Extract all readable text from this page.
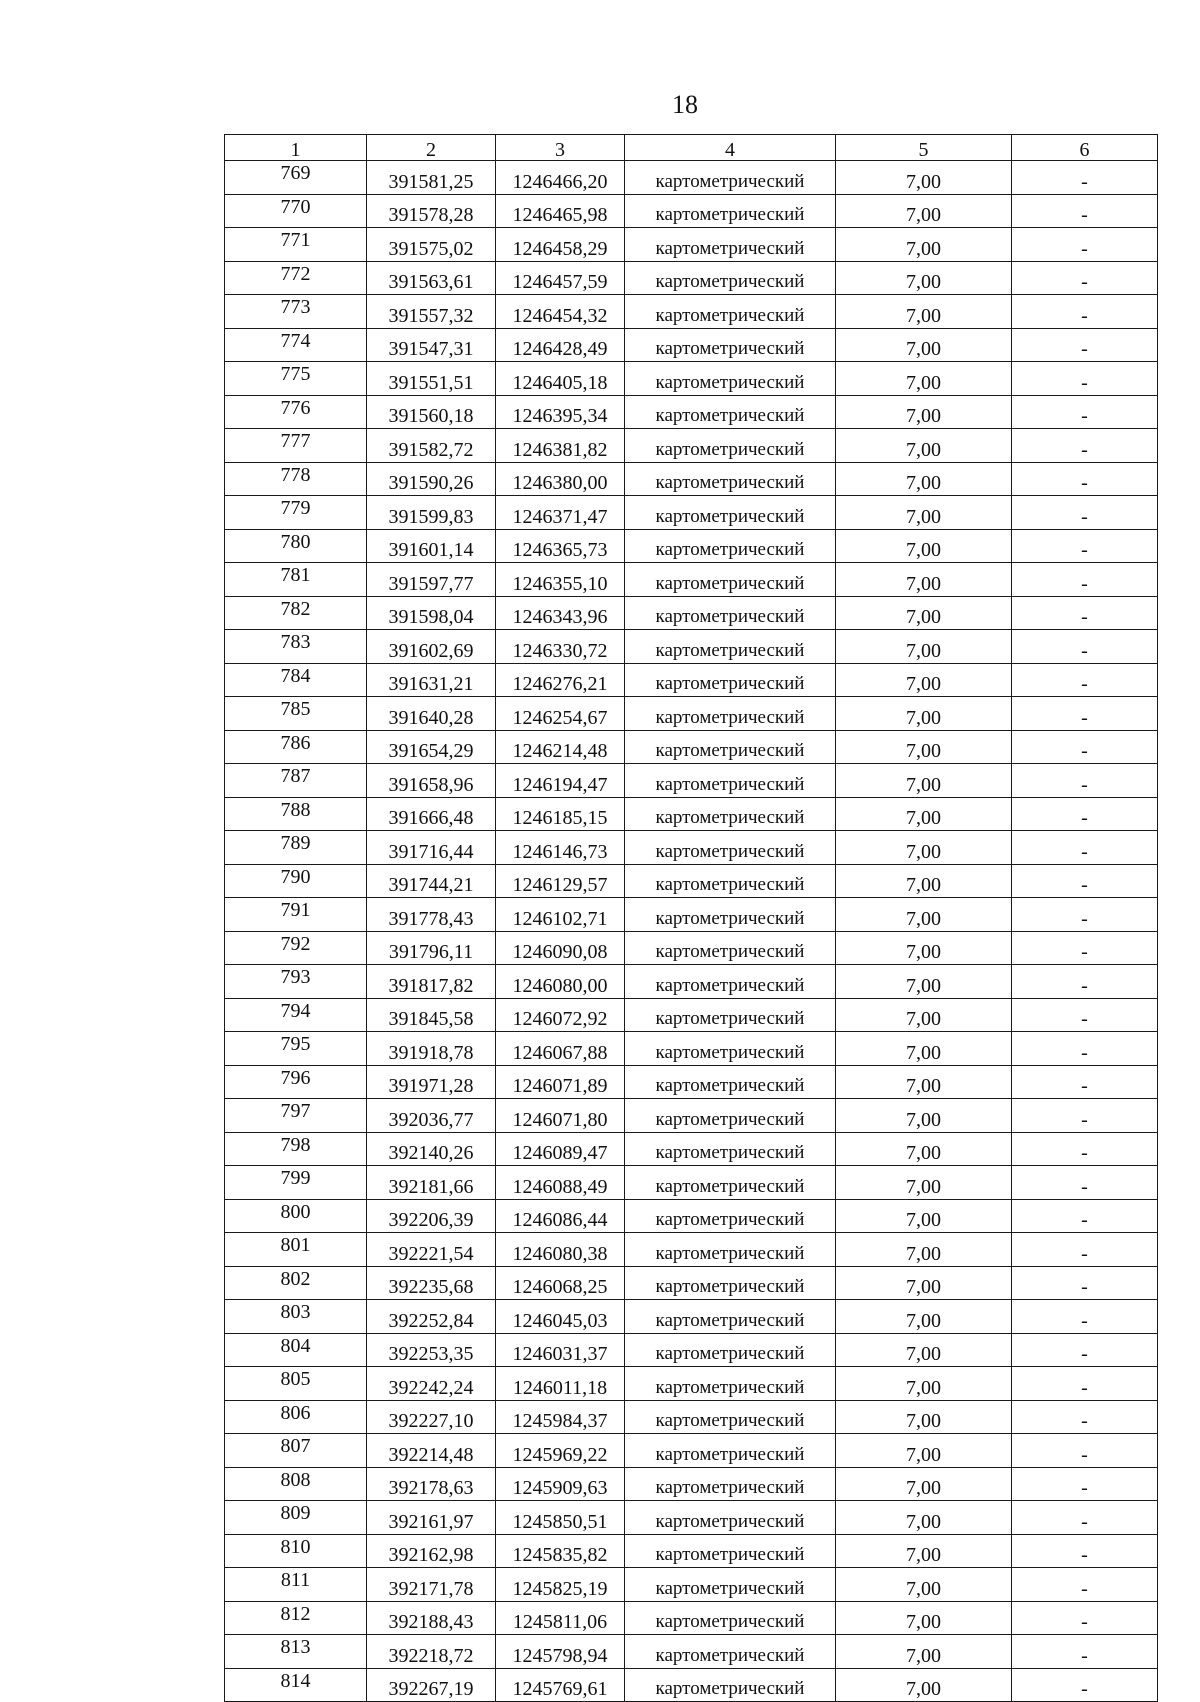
18
1	2	3	4	5	6
769	391581,25	1246466,20	картометрический	7,00	-
770	391578,28	1246465,98	картометрический	7,00	-
771	391575,02	1246458,29	картометрический	7,00	-
772	391563,61	1246457,59	картометрический	7,00	-
773	391557,32	1246454,32	картометрический	7,00	-
774	391547,31	1246428,49	картометрический	7,00	-
775	391551,51	1246405,18	картометрический	7,00	-
776	391560,18	1246395,34	картометрический	7,00	-
777	391582,72	1246381,82	картометрический	7,00	-
778	391590,26	1246380,00	картометрический	7,00	-
779	391599,83	1246371,47	картометрический	7,00	-
780	391601,14	1246365,73	картометрический	7,00	-
781	391597,77	1246355,10	картометрический	7,00	-
782	391598,04	1246343,96	картометрический	7,00	-
783	391602,69	1246330,72	картометрический	7,00	-
784	391631,21	1246276,21	картометрический	7,00	-
785	391640,28	1246254,67	картометрический	7,00	-
786	391654,29	1246214,48	картометрический	7,00	-
787	391658,96	1246194,47	картометрический	7,00	-
788	391666,48	1246185,15	картометрический	7,00	-
789	391716,44	1246146,73	картометрический	7,00	-
790	391744,21	1246129,57	картометрический	7,00	-
791	391778,43	1246102,71	картометрический	7,00	-
792	391796,11	1246090,08	картометрический	7,00	-
793	391817,82	1246080,00	картометрический	7,00	-
794	391845,58	1246072,92	картометрический	7,00	-
795	391918,78	1246067,88	картометрический	7,00	-
796	391971,28	1246071,89	картометрический	7,00	-
797	392036,77	1246071,80	картометрический	7,00	-
798	392140,26	1246089,47	картометрический	7,00	-
799	392181,66	1246088,49	картометрический	7,00	-
800	392206,39	1246086,44	картометрический	7,00	-
801	392221,54	1246080,38	картометрический	7,00	-
802	392235,68	1246068,25	картометрический	7,00	-
803	392252,84	1246045,03	картометрический	7,00	-
804	392253,35	1246031,37	картометрический	7,00	-
805	392242,24	1246011,18	картометрический	7,00	-
806	392227,10	1245984,37	картометрический	7,00	-
807	392214,48	1245969,22	картометрический	7,00	-
808	392178,63	1245909,63	картометрический	7,00	-
809	392161,97	1245850,51	картометрический	7,00	-
810	392162,98	1245835,82	картометрический	7,00	-
811	392171,78	1245825,19	картометрический	7,00	-
812	392188,43	1245811,06	картометрический	7,00	-
813	392218,72	1245798,94	картометрический	7,00	-
814	392267,19	1245769,61	картометрический	7,00	-
